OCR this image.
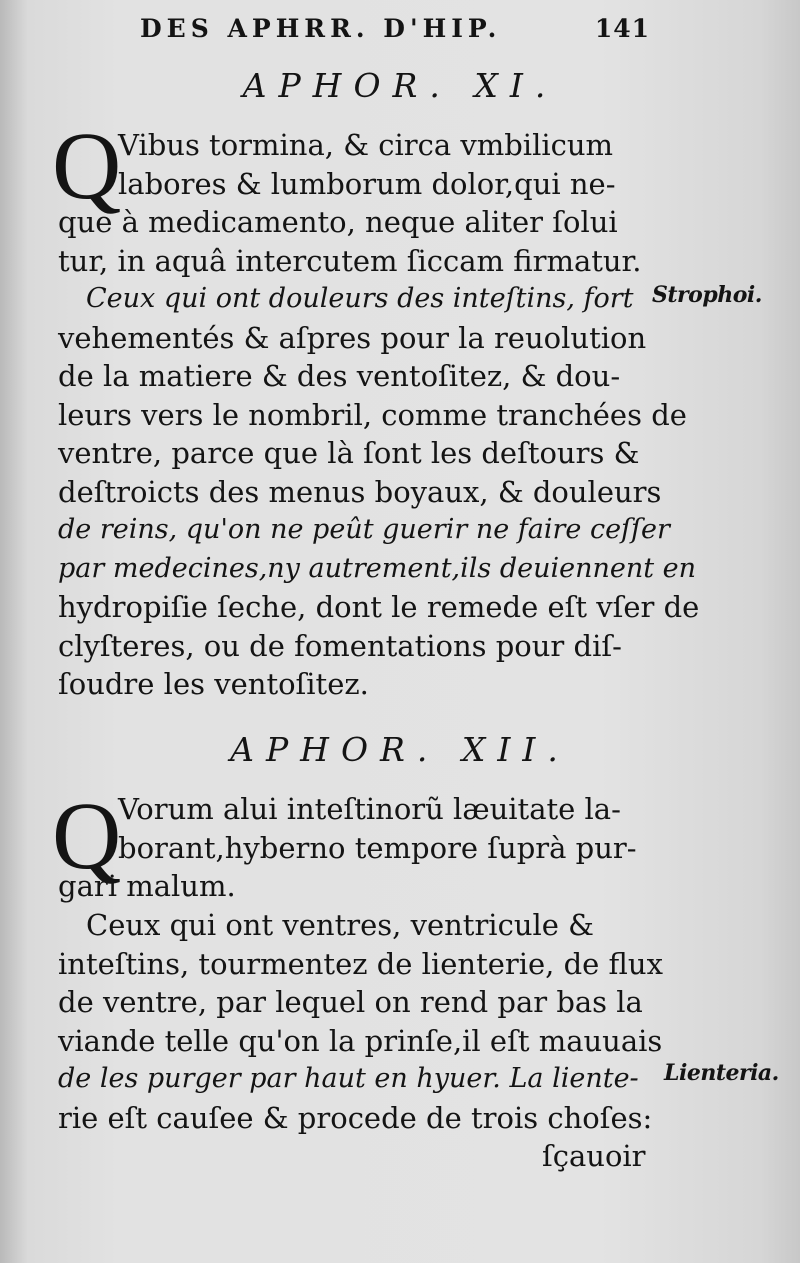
DES APHRR. D'HIP.	141
APHOR. XI.
Q
Vibus tormina, & circa vmbilicum
labores & lumborum dolor,qui ne-
que à medicamento, neque aliter ſolui
tur, in aquâ intercutem ſiccam firmatur.
Strophoi.
Ceux qui ont douleurs des inteſtins, fort
vehementés & aſpres pour la reuolution
de la matiere & des ventoſitez, & dou-
leurs vers le nombril, comme tranchées de
ventre, parce que là ſont les deſtours &
deſtroicts des menus boyaux, & douleurs
de reins, qu'on ne peût guerir ne faire ceſſer
par medecines,ny autrement,ils deuiennent en
hydropiſie ſeche, dont le remede eſt vſer de
clyſteres, ou de fomentations pour diſ-
ſoudre les ventoſitez.
APHOR. XII.
Q
Vorum alui inteſtinorũ læuitate la-
borant,hyberno tempore ſuprà pur-
gari malum.
Ceux qui ont ventres, ventricule &
inteſtins, tourmentez de lienterie, de flux
de ventre, par lequel on rend par bas la
viande telle qu'on la prinſe,il eſt mauuais
de les purger par haut en hyuer. La liente-
rie eſt cauſee & procede de trois choſes:
Lienteria.
ſçauoir
